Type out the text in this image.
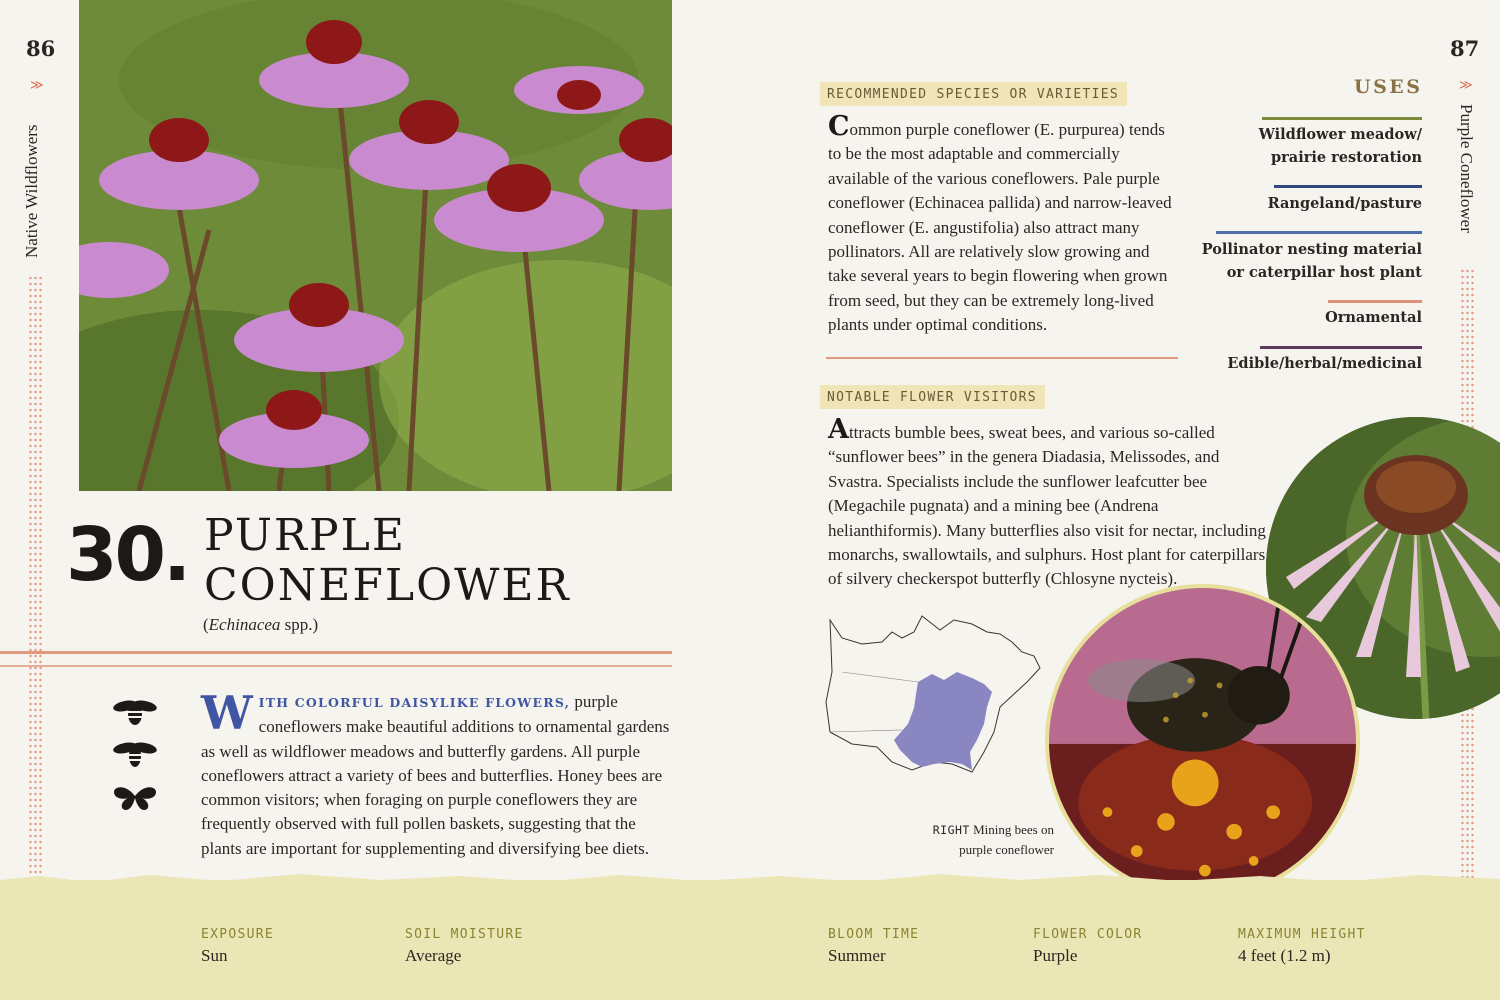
86
≫
Native Wildflowers
30. PURPLE
CONEFLOWER
(Echinacea spp.)
WITH COLORFUL DAISYLIKE FLOWERS, purple coneflowers make beautiful additions to ornamental gardens as well as wildflower meadows and butterfly gardens. All purple coneflowers attract a variety of bees and butterflies. Honey bees are common visitors; when foraging on purple coneflowers they are frequently observed with full pollen baskets, suggesting that the plants are important for supplementing and diversifying bee diets.
87
≫
Purple Coneflower
RECOMMENDED SPECIES OR VARIETIES
Common purple coneflower (E. purpurea) tends to be the most adaptable and commercially available of the various coneflowers. Pale purple coneflower (Echinacea pallida) and narrow-leaved coneflower (E. angustifolia) also attract many pollinators. All are relatively slow growing and take several years to begin flowering when grown from seed, but they can be extremely long-lived plants under optimal conditions.
NOTABLE FLOWER VISITORS
Attracts bumble bees, sweat bees, and various so-called “sunflower bees” in the genera Diadasia, Melissodes, and Svastra. Specialists include the sunflower leafcutter bee (Megachile pugnata) and a mining bee (Andrena helianthiformis). Many butterflies also visit for nectar, including monarchs, swallowtails, and sulphurs. Host plant for caterpillars of silvery checkerspot butterfly (Chlosyne nycteis).
USES
Wildflower meadow/
prairie restoration
Rangeland/pasture
Pollinator nesting material
or caterpillar host plant
Ornamental
Edible/herbal/medicinal
RIGHT Mining bees on purple coneflower
EXPOSURE
Sun
SOIL MOISTURE
Average
BLOOM TIME
Summer
FLOWER COLOR
Purple
MAXIMUM HEIGHT
4 feet (1.2 m)
